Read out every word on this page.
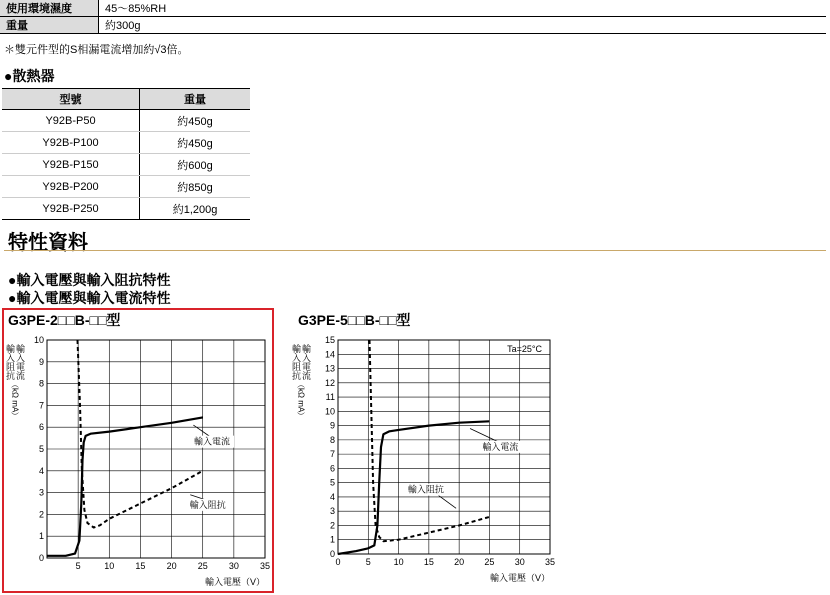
使用環境濕度	45～85%RH
重量	約300g
＊雙元件型的S相漏電流增加約√3倍。
●散熱器
型號	重量
Y92B-P50	約450g
Y92B-P100	約450g
Y92B-P150	約600g
Y92B-P200	約850g
Y92B-P250	約1,200g
特性資料
●輸入電壓與輸入阻抗特性
●輸入電壓與輸入電流特性
G3PE-2□□B-□□型	G3PE-5□□B-□□型
5	10 15 20 25 30 35
0
1
2
3
4
5
6
7
8
9
10
輸入電壓（V）
輸入阻抗 輸入電流
︵kΩ mA︶
輸入電流
輸入阻抗
0	5	10 15 20 25 30 35
0
1
2
3
4
5
6
7
8
9
10
11
12
13
14
15
輸入電壓（V）
輸入阻抗 輸入電流
︵kΩ mA︶
Ta=25°C
輸入電流
輸入阻抗
